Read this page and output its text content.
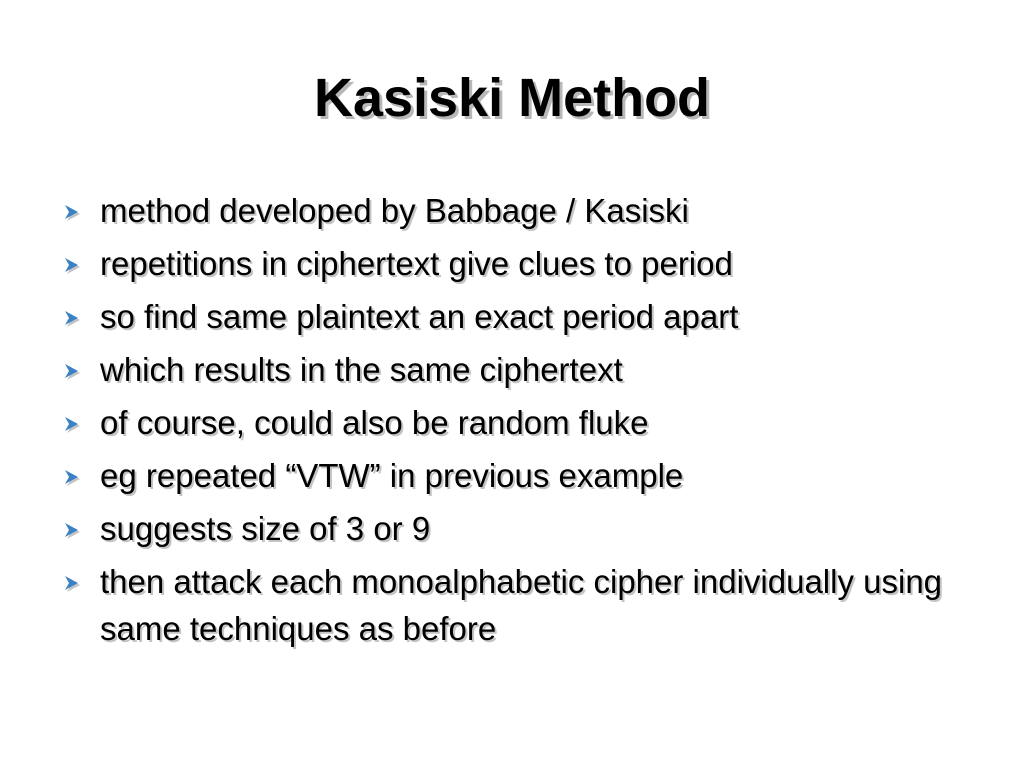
Kasiski Method
method developed by Babbage / Kasiski
repetitions in ciphertext give clues to period
so find same plaintext an exact period apart
which results in the same ciphertext
of course, could also be random fluke
eg repeated “VTW” in previous example
suggests size of 3 or 9
then attack each monoalphabetic cipher individually using same techniques as before
